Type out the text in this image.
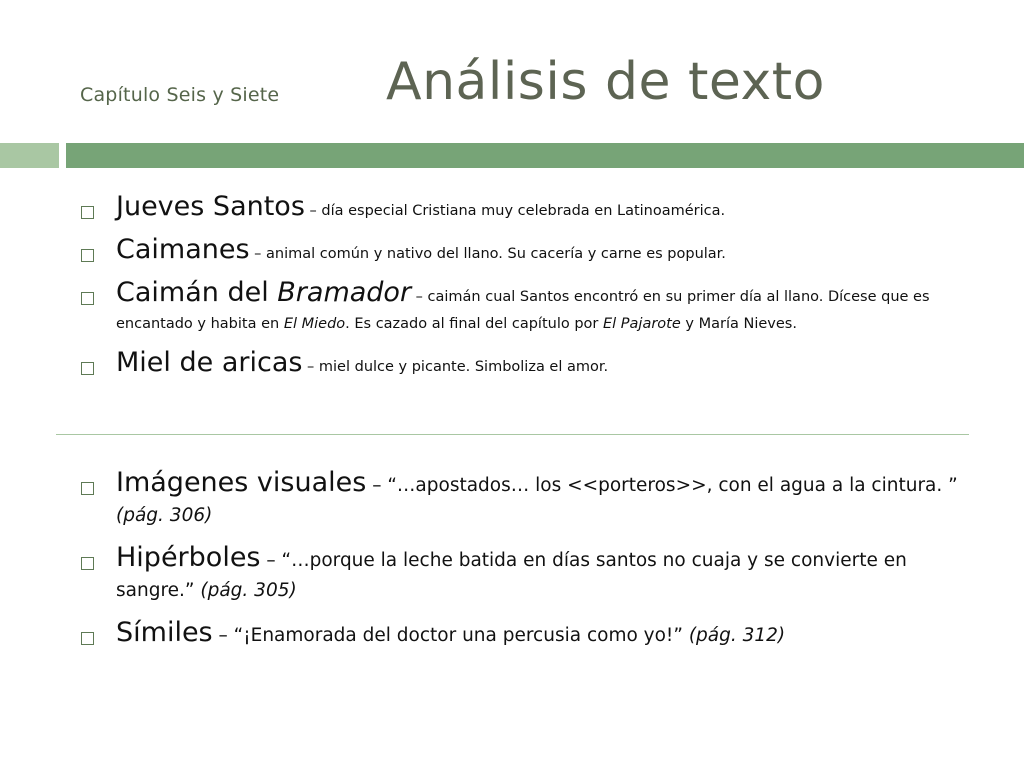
Capítulo Seis y Siete Análisis de texto
Jueves Santos – día especial Cristiana muy celebrada en Latinoamérica.
Caimanes – animal común y nativo del llano. Su cacería y carne es popular.
Caimán del Bramador – caimán cual Santos encontró en su primer día al llano. Dícese que es encantado y habita en El Miedo. Es cazado al final del capítulo por El Pajarote y María Nieves.
Miel de aricas – miel dulce y picante. Simboliza el amor.
Imágenes visuales – “…apostados… los <<porteros>>, con el agua a la cintura. ” (pág. 306)
Hipérboles – “…porque la leche batida en días santos no cuaja y se convierte en sangre.” (pág. 305)
Símiles – “¡Enamorada del doctor una percusia como yo!” (pág. 312)
